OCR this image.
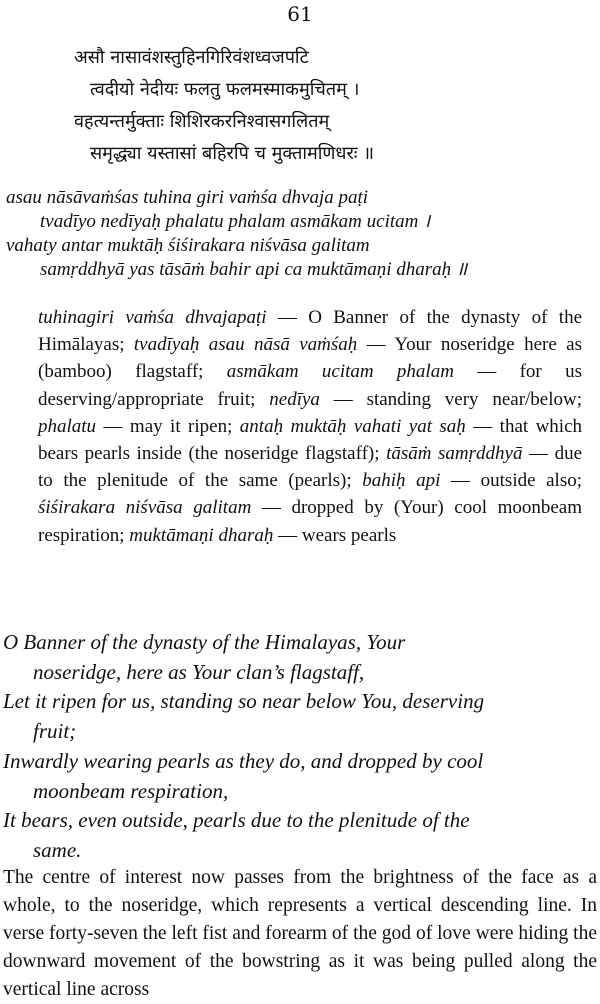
61
असौ नासावंशस्तुहिनगिरिवंशध्वजपटि
त्वदीयो नेदीयः फलतु फलमस्माकमुचितम् ।
वहत्यन्तर्मुक्ताः शिशिरकरनिश्वासगलितम्
समृद्ध्या यस्तासां बहिरपि च मुक्तामणिधरः ॥
asau nāsāvaṁśas tuhina giri vaṁśa dhvaja paṭi
tvadīyo nedīyaḥ phalatu phalam asmākam ucitam ।
vahaty antar muktāḥ śiśirakara niśvāsa galitam
samṛddhyā yas tāsāṁ bahir api ca muktāmaṇi dharaḥ ॥
tuhinagiri vaṁśa dhvajapaṭi — O Banner of the dynasty of the Himālayas; tvadīyaḥ asau nāsā vaṁśaḥ — Your noseridge here as (bamboo) flagstaff; asmākam ucitam phalam — for us deserving/appropriate fruit; nedīya — standing very near/below; phalatu — may it ripen; antaḥ muktāḥ vahati yat saḥ — that which bears pearls inside (the noseridge flagstaff); tāsāṁ samṛddhyā — due to the plenitude of the same (pearls); bahiḥ api — outside also; śiśirakara niśvāsa galitam — dropped by (Your) cool moonbeam respiration; muktāmaṇi dharaḥ — wears pearls
O Banner of the dynasty of the Himalayas, Your
noseridge, here as Your clan’s flagstaff,
Let it ripen for us, standing so near below You, deserving
fruit;
Inwardly wearing pearls as they do, and dropped by cool
moonbeam respiration,
It bears, even outside, pearls due to the plenitude of the
same.
The centre of interest now passes from the brightness of the face as a whole, to the noseridge, which represents a vertical descending line. In verse forty-seven the left fist and forearm of the god of love were hiding the downward movement of the bowstring as it was being pulled along the vertical line across
